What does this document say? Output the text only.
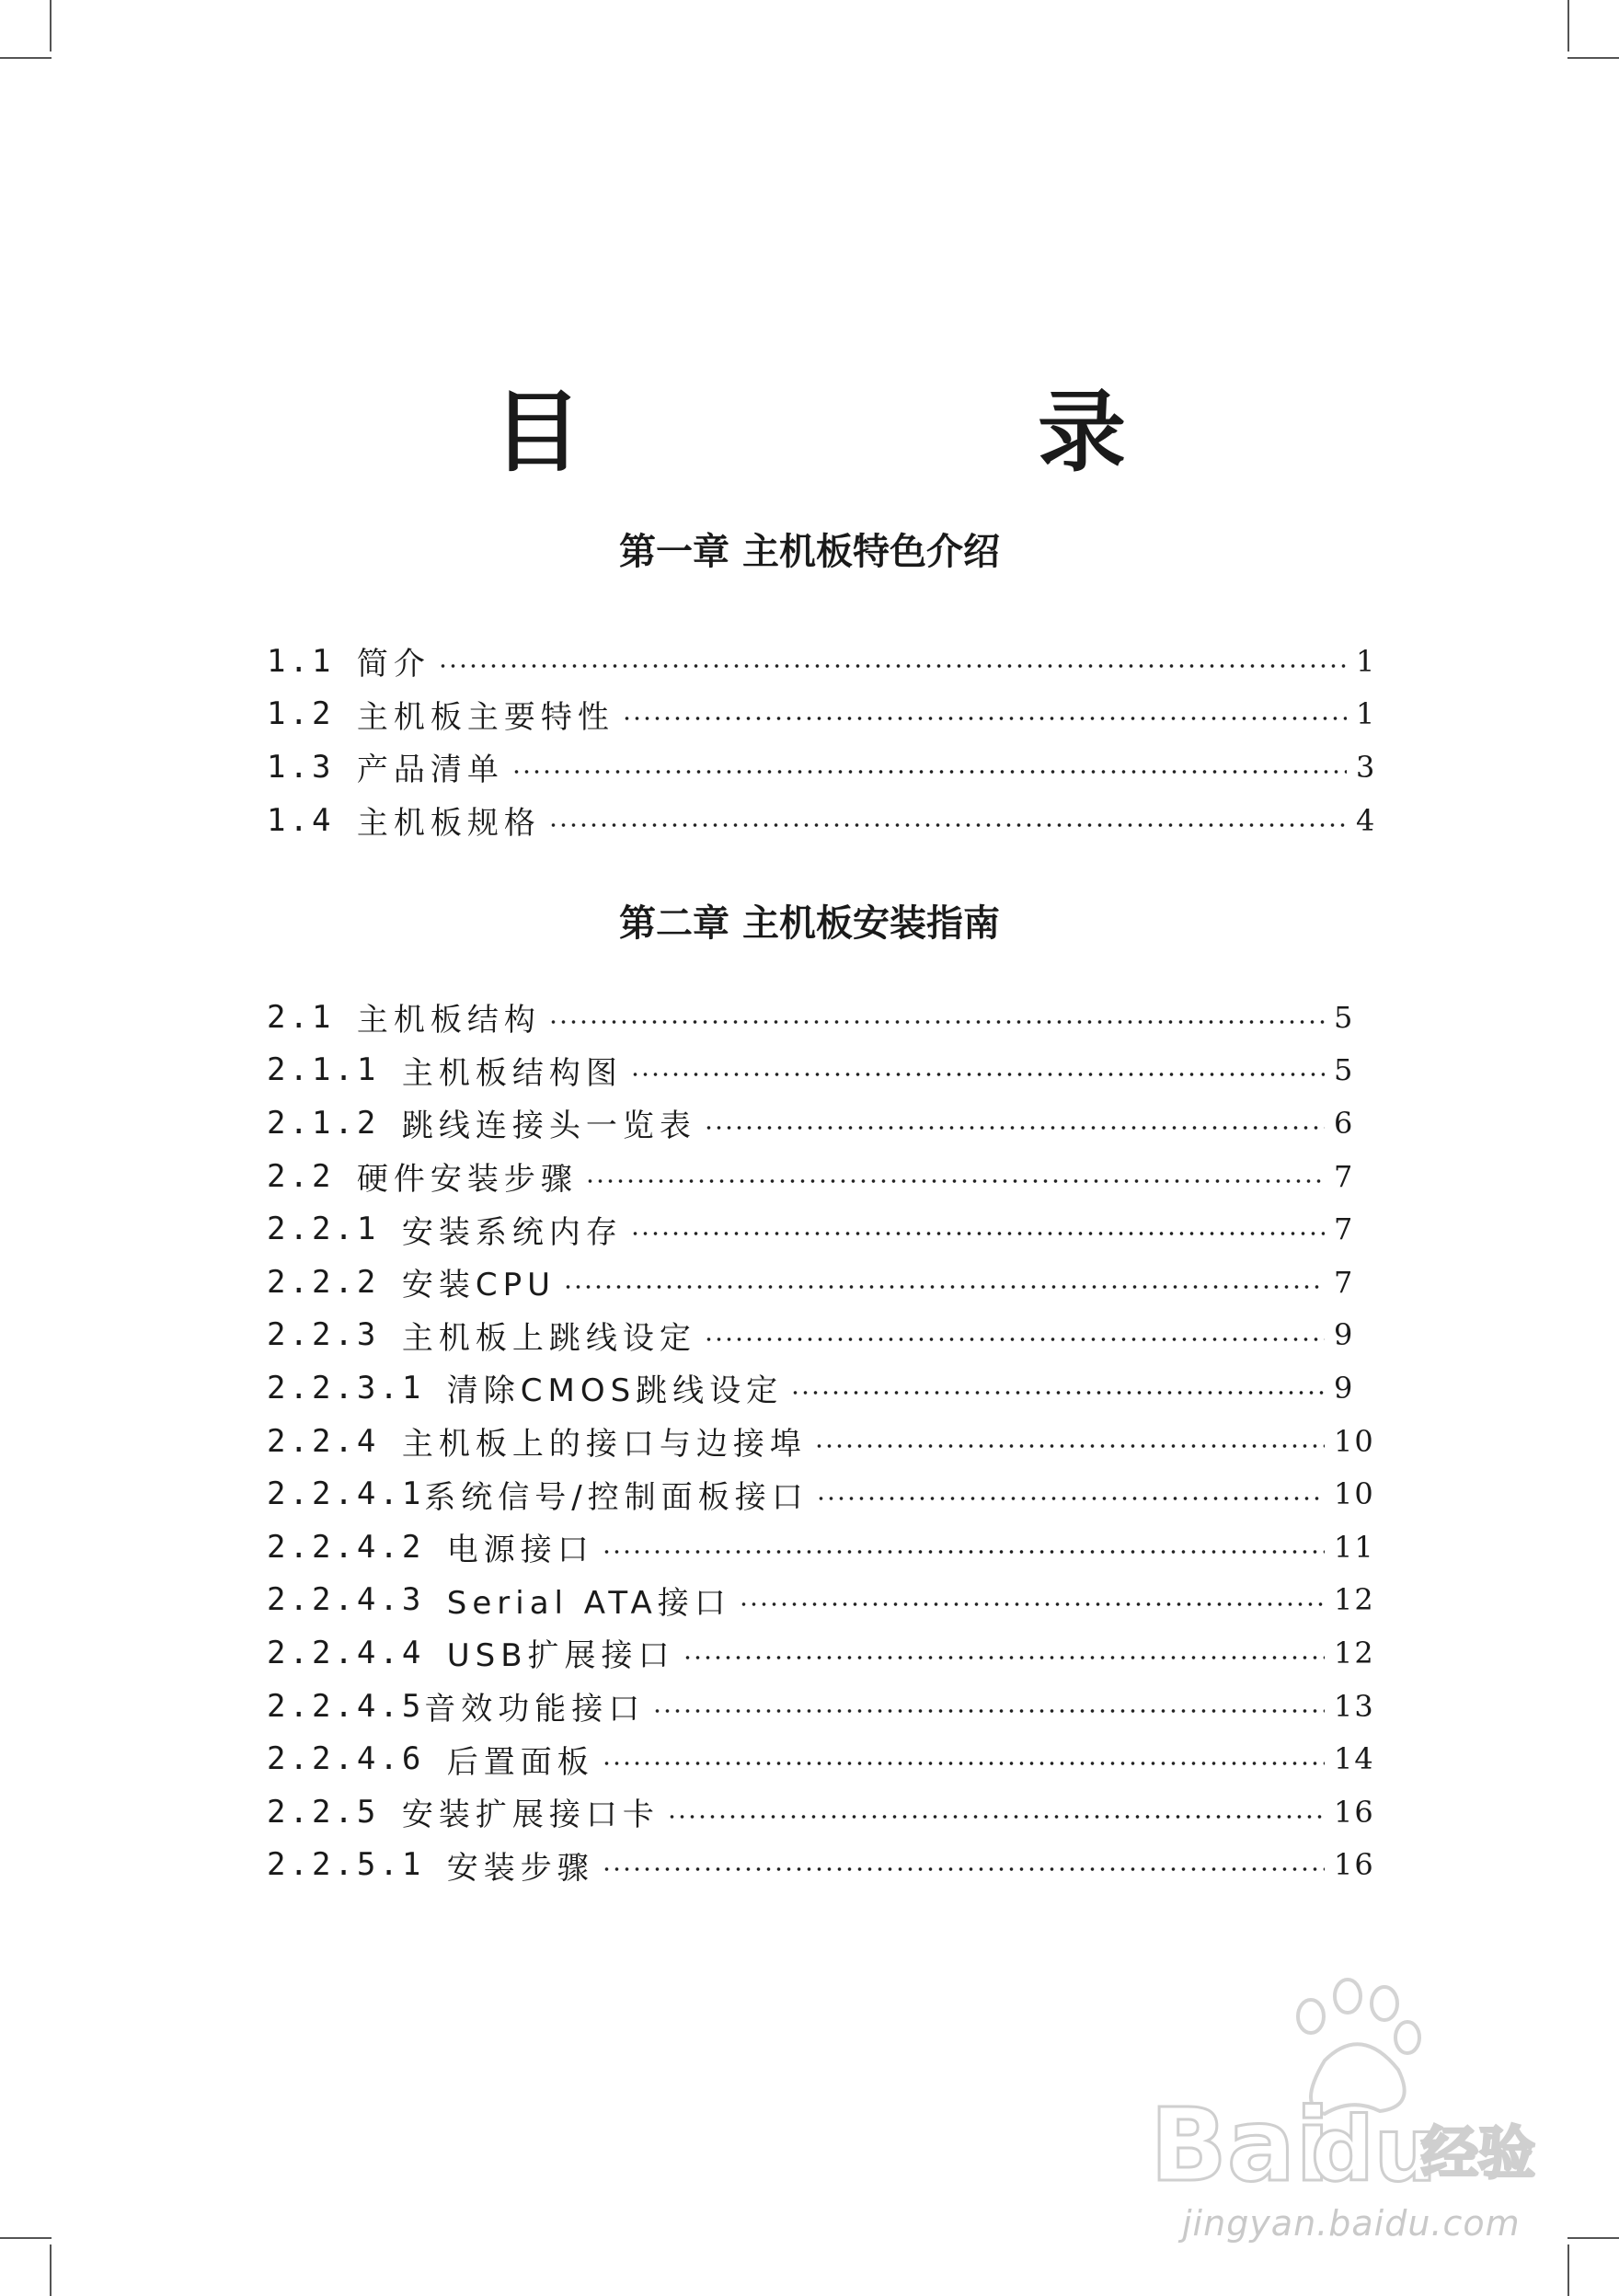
目　录
第一章 主机板特色介绍
1.1 简介	1
1.2 主机板主要特性	1
1.3 产品清单	3
1.4 主机板规格	4
第二章 主机板安装指南
2.1 主机板结构	5
2.1.1 主机板结构图	5
2.1.2 跳线连接头一览表	6
2.2 硬件安装步骤	7
2.2.1 安装系统内存	7
2.2.2 安装CPU	7
2.2.3 主机板上跳线设定	9
2.2.3.1 清除CMOS跳线设定	9
2.2.4 主机板上的接口与边接埠	10
2.2.4.1 系统信号/控制面板接口	10
2.2.4.2 电源接口	11
2.2.4.3 Serial ATA接口	12
2.2.4.4 USB扩展接口	12
2.2.4.5 音效功能接口	13
2.2.4.6 后置面板	14
2.2.5 安装扩展接口卡	16
2.2.5.1 安装步骤	16
Bai
du
经验
jingyan.baidu.com
